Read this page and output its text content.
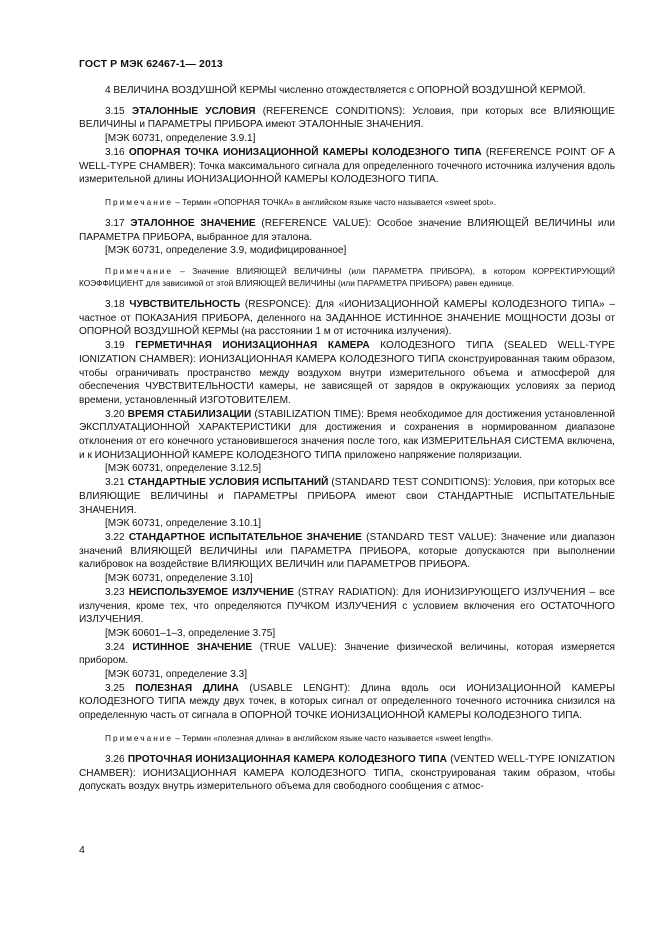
ГОСТ Р МЭК 62467-1— 2013

4 ВЕЛИЧИНА ВОЗДУШНОЙ КЕРМЫ численно отождествляется с ОПОРНОЙ ВОЗДУШНОЙ КЕРМОЙ.

3.15 ЭТАЛОННЫЕ УСЛОВИЯ (REFERENCE CONDITIONS): Условия, при которых все ВЛИЯЮЩИЕ ВЕЛИЧИНЫ и ПАРАМЕТРЫ ПРИБОРА имеют ЭТАЛОННЫЕ ЗНАЧЕНИЯ.

[МЭК 60731, определение 3.9.1]

3.16 ОПОРНАЯ ТОЧКА ИОНИЗАЦИОННОЙ КАМЕРЫ КОЛОДЕЗНОГО ТИПА (REFERENCE POINT OF A WELL-TYPE CHAMBER): Точка максимального сигнала для определенного точечного источника излучения вдоль измерительной длины ИОНИЗАЦИОННОЙ КАМЕРЫ КОЛОДЕЗНОГО ТИПА.

Примечание – Термин «ОПОРНАЯ ТОЧКА» в английском языке часто называется «sweet spot».

3.17 ЭТАЛОННОЕ ЗНАЧЕНИЕ (REFERENCE VALUE): Особое значение ВЛИЯЮЩЕЙ ВЕЛИЧИНЫ или ПАРАМЕТРА ПРИБОРА, выбранное для эталона.

[МЭК 60731, определение 3.9, модифицированное]

Примечание – Значение ВЛИЯЮЩЕЙ ВЕЛИЧИНЫ (или ПАРАМЕТРА ПРИБОРА), в котором КОРРЕКТИРУЮЩИЙ КОЭФФИЦИЕНТ для зависимой от этой ВЛИЯЮЩЕЙ ВЕЛИЧИНЫ (или ПАРАМЕТРА ПРИБОРА) равен единице.

3.18 ЧУВСТВИТЕЛЬНОСТЬ (RESPONCE): Для «ИОНИЗАЦИОННОЙ КАМЕРЫ КОЛОДЕЗНОГО ТИПА» – частное от ПОКАЗАНИЯ ПРИБОРА, деленного на ЗАДАННОЕ ИСТИННОЕ ЗНАЧЕНИЕ МОЩНОСТИ ДОЗЫ от ОПОРНОЙ ВОЗДУШНОЙ КЕРМЫ (на расстоянии 1 м от источника излучения).

3.19 ГЕРМЕТИЧНАЯ ИОНИЗАЦИОННАЯ КАМЕРА КОЛОДЕЗНОГО ТИПА (SEALED WELL-TYPE IONIZATION CHAMBER): ИОНИЗАЦИОННАЯ КАМЕРА КОЛОДЕЗНОГО ТИПА сконструированная таким образом, чтобы ограничивать пространство между воздухом внутри измерительного объема и атмосферой для обеспечения ЧУВСТВИТЕЛЬНОСТИ камеры, не зависящей от зарядов в окружающих условиях за период времени, установленный ИЗГОТОВИТЕЛЕМ.

3.20 ВРЕМЯ СТАБИЛИЗАЦИИ (STABILIZATION TIME): Время необходимое для достижения установленной ЭКСПЛУАТАЦИОННОЙ ХАРАКТЕРИСТИКИ для достижения и сохранения в нормированном диапазоне отклонения от его конечного установившегося значения после того, как ИЗМЕРИТЕЛЬНАЯ СИСТЕМА включена, и к ИОНИЗАЦИОННОЙ КАМЕРЕ КОЛОДЕЗНОГО ТИПА приложено напряжение поляризации.

[МЭК 60731, определение 3.12.5]

3.21 СТАНДАРТНЫЕ УСЛОВИЯ ИСПЫТАНИЙ (STANDARD TEST CONDITIONS): Условия, при которых все ВЛИЯЮЩИЕ ВЕЛИЧИНЫ и ПАРАМЕТРЫ ПРИБОРА имеют свои СТАНДАРТНЫЕ ИСПЫТАТЕЛЬНЫЕ ЗНАЧЕНИЯ.

[МЭК 60731, определение 3.10.1]

3.22 СТАНДАРТНОЕ ИСПЫТАТЕЛЬНОЕ ЗНАЧЕНИЕ (STANDARD TEST VALUE): Значение или диапазон значений ВЛИЯЮЩЕЙ ВЕЛИЧИНЫ или ПАРАМЕТРА ПРИБОРА, которые допускаются при выполнении калибровок на воздействие ВЛИЯЮЩИХ ВЕЛИЧИН или ПАРАМЕТРОВ ПРИБОРА.

[МЭК 60731, определение 3.10]

3.23 НЕИСПОЛЬЗУЕМОЕ ИЗЛУЧЕНИЕ (STRAY RADIATION): Для ИОНИЗИРУЮЩЕГО ИЗЛУЧЕНИЯ – все излучения, кроме тех, что определяются ПУЧКОМ ИЗЛУЧЕНИЯ с условием включения его ОСТАТОЧНОГО ИЗЛУЧЕНИЯ.

[МЭК 60601–1–3, определение 3.75]

3.24 ИСТИННОЕ ЗНАЧЕНИЕ (TRUE VALUE): Значение физической величины, которая измеряется прибором.

[МЭК 60731, определение 3.3]

3.25 ПОЛЕЗНАЯ ДЛИНА (USABLE LENGHT): Длина вдоль оси ИОНИЗАЦИОННОЙ КАМЕРЫ КОЛОДЕЗНОГО ТИПА между двух точек, в которых сигнал от определенного точечного источника снизился на определенную часть от сигнала в ОПОРНОЙ ТОЧКЕ ИОНИЗАЦИОННОЙ КАМЕРЫ КОЛОДЕЗНОГО ТИПА.

Примечание – Термин «полезная длина» в английском языке часто называется «sweet length».

3.26 ПРОТОЧНАЯ ИОНИЗАЦИОННАЯ КАМЕРА КОЛОДЕЗНОГО ТИПА (VENTED WELL-TYPE IONIZATION CHAMBER): ИОНИЗАЦИОННАЯ КАМЕРА КОЛОДЕЗНОГО ТИПА, сконструированая таким образом, чтобы допускать воздух внутрь измерительного объема для свободного сообщения с атмос-

4
